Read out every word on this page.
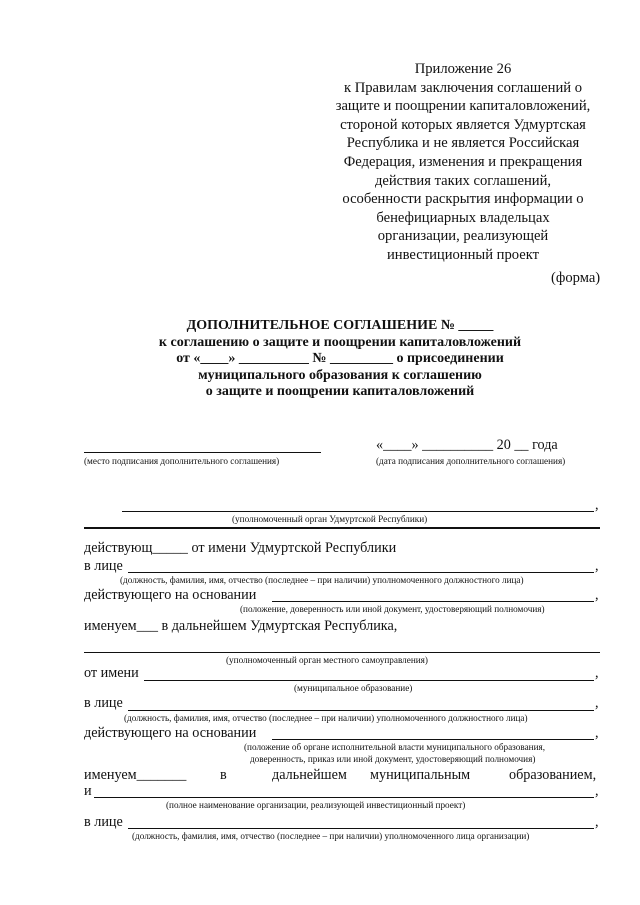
Приложение 26
к Правилам заключения соглашений о
защите и поощрении капиталовложений,
стороной которых является Удмуртская
Республика и не является Российская
Федерация, изменения и прекращения
действия таких соглашений,
особенности раскрытия информации о
бенефициарных владельцах
организации, реализующей
инвестиционный проект
(форма)
ДОПОЛНИТЕЛЬНОЕ СОГЛАШЕНИЕ № _____
к соглашению о защите и поощрении капиталовложений
от «____» __________ № _________ о присоединении
муниципального образования к соглашению
о защите и поощрении капиталовложений
«____» __________ 20 __ года
(место подписания дополнительного соглашения)	(дата подписания дополнительного соглашения)
,
(уполномоченный орган Удмуртской Республики)
действующ_____ от имени Удмуртской Республики
в лице	,
(должность, фамилия, имя, отчество (последнее – при наличии) уполномоченного должностного лица)
действующего на основании	,
(положение, доверенность или иной документ, удостоверяющий полномочия)
именуем___ в дальнейшем Удмуртская Республика,
(уполномоченный орган местного самоуправления)
от имени	,
(муниципальное образование)
в лице	,
(должность, фамилия, имя, отчество (последнее – при наличии) уполномоченного должностного лица)
действующего на основании	,
(положение об органе исполнительной власти муниципального образования,
доверенность, приказ или иной документ, удостоверяющий полномочия)
именуем_______ в	дальнейшем муниципальным	образованием,
и	,
(полное наименование организации, реализующей инвестиционный проект)
в лице	,
(должность, фамилия, имя, отчество (последнее – при наличии) уполномоченного лица организации)
